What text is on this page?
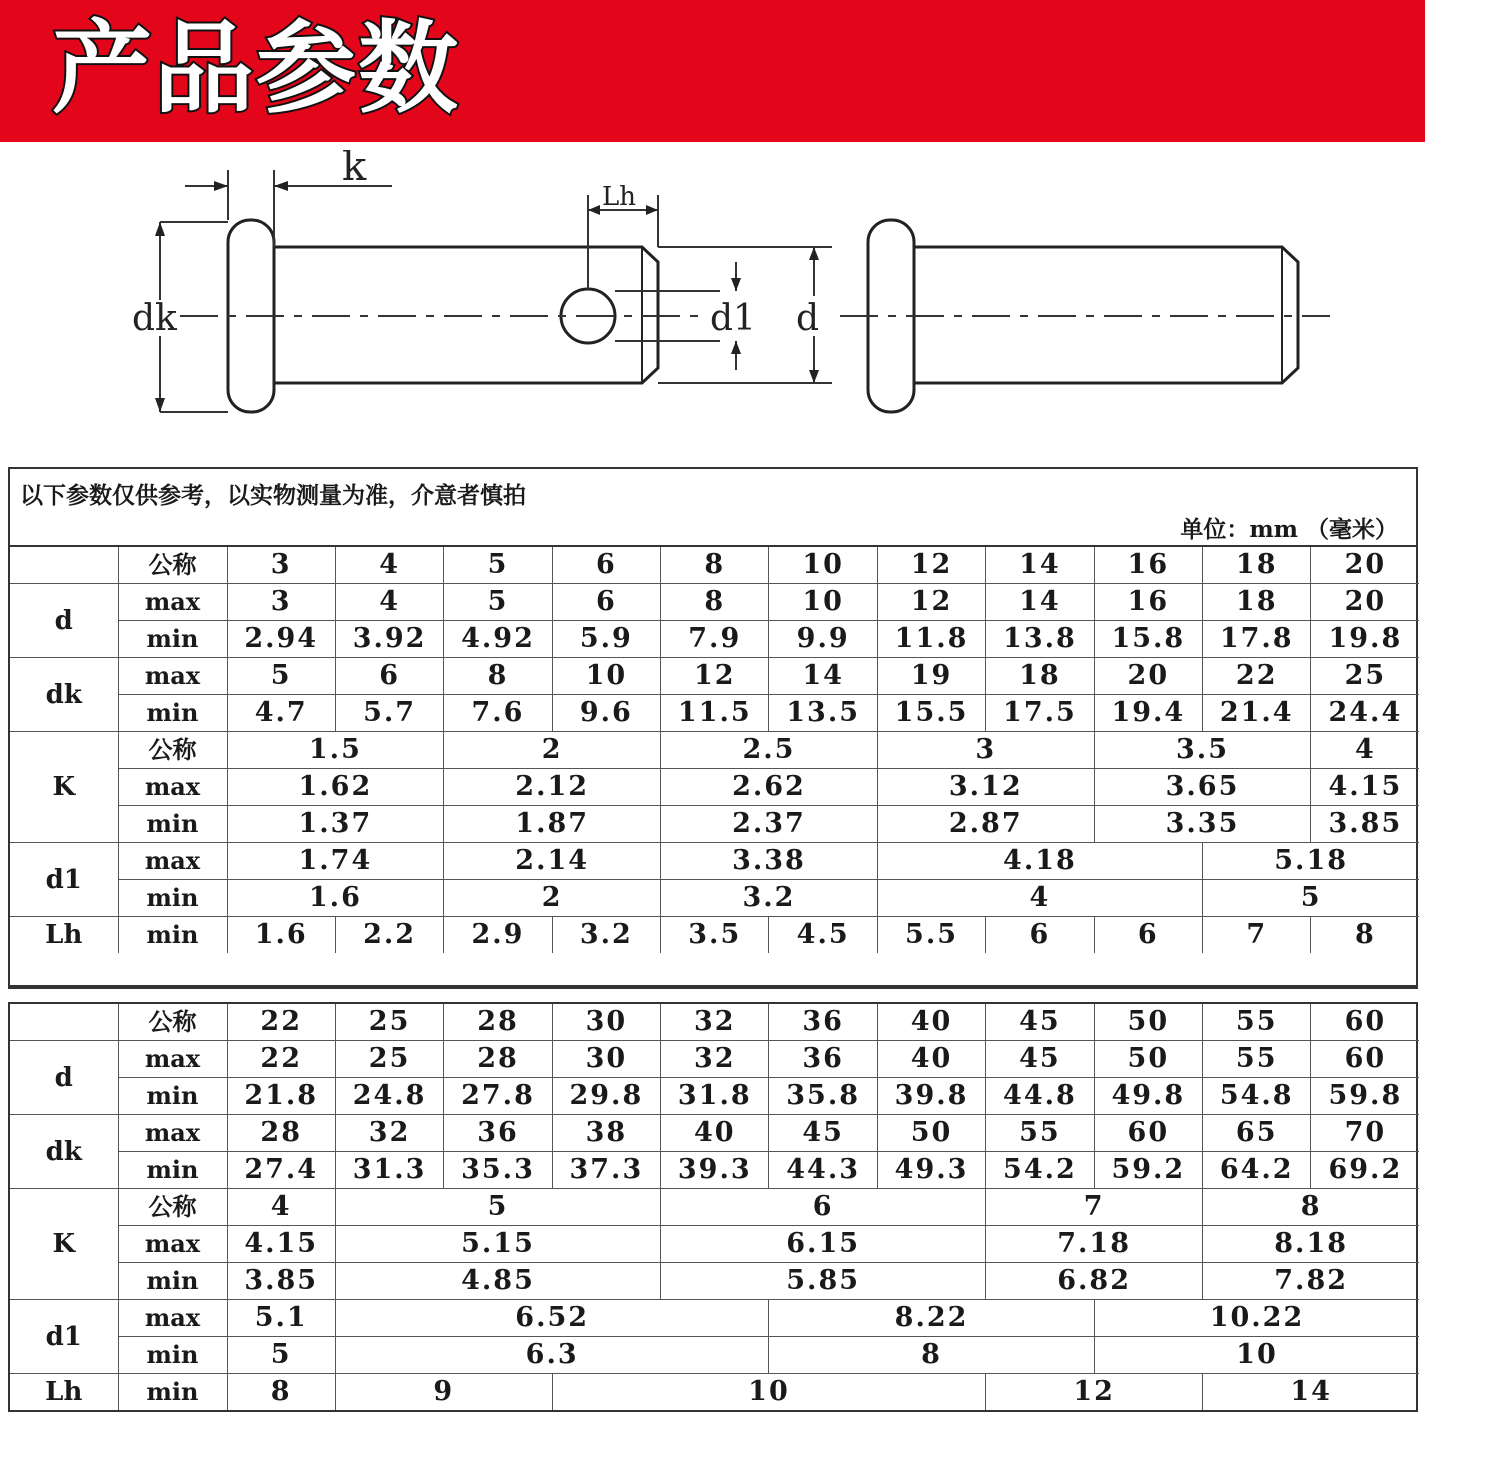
产品参数
k
Lh
dk	d1 d
以下参数仅供参考，以实物测量为准，介意者慎拍
单位：mm （毫米）
	公称	3	4	5	6	8	10	12	14	16	18	20
d	max	3	4	5	6	8	10	12	14	16	18	20
	min	2.94	3.92	4.92	5.9	7.9	9.9	11.8	13.8	15.8	17.8	19.8
dk	max	5	6	8	10	12	14	19	18	20	22	25
	min	4.7	5.7	7.6	9.6	11.5	13.5	15.5	17.5	19.4	21.4	24.4
K	公称	1.5		2		2.5		3		3.5		4
	max	1.62		2.12		2.62		3.12		3.65		4.15
	min	1.37		1.87		2.37		2.87		3.35		3.85
d1	max	1.74		2.14		3.38		4.18			5.18	
	min	1.6		2		3.2		4			5	
Lh	min	1.6	2.2	2.9	3.2	3.5	4.5	5.5	6	6	7	8
	公称	22	25	28	30	32	36	40	45	50	55	60
d	max	22	25	28	30	32	36	40	45	50	55	60
	min	21.8	24.8	27.8	29.8	31.8	35.8	39.8	44.8	49.8	54.8	59.8
dk	max	28	32	36	38	40	45	50	55	60	65	70
	min	27.4	31.3	35.3	37.3	39.3	44.3	49.3	54.2	59.2	64.2	69.2
K	公称	4	5			6			7		8	
	max	4.15	5.15			6.15			7.18		8.18	
	min	3.85	4.85			5.85			6.82		7.82	
d1	max	5.1	6.52				8.22			10.22		
	min	5	6.3				8			10		
Lh	min	8	9		10				12		14	
